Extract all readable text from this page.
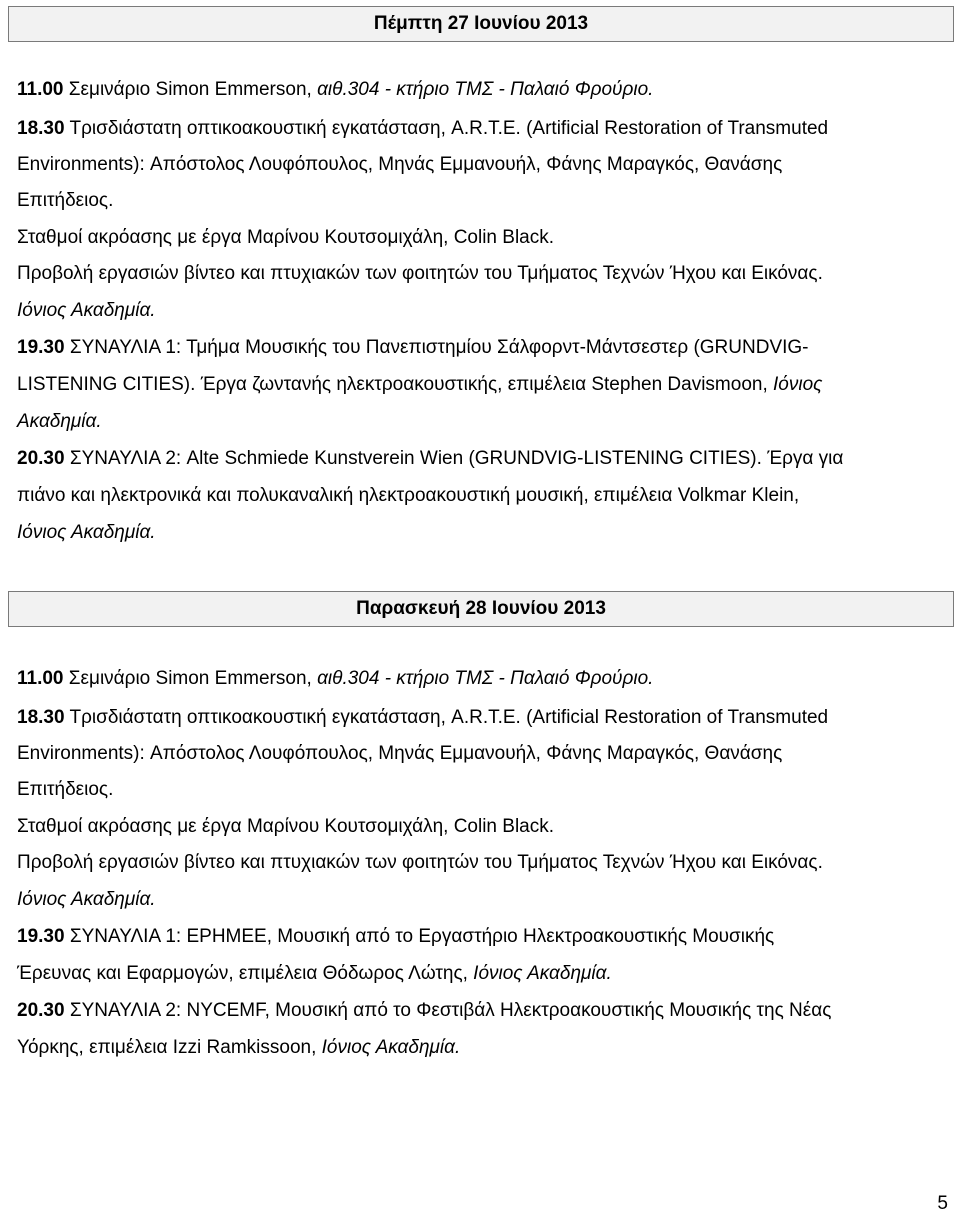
Πέμπτη 27 Ιουνίου 2013
11.00 Σεμινάριο Simon Emmerson, αιθ.304 - κτήριο ΤΜΣ - Παλαιό Φρούριο.
18.30 Τρισδιάστατη οπτικοακουστική εγκατάσταση, A.R.T.E. (Artificial Restoration of Transmuted
Environments): Απόστολος Λουφόπουλος, Μηνάς Εμμανουήλ, Φάνης Μαραγκός, Θανάσης
Επιτήδειος.
Σταθμοί ακρόασης με έργα Μαρίνου Κουτσομιχάλη, Colin Black.
Προβολή εργασιών βίντεο και πτυχιακών των φοιτητών του Τμήματος Τεχνών Ήχου και Εικόνας.
Ιόνιος Ακαδημία.
19.30 ΣΥΝΑΥΛΙΑ 1: Τμήμα Μουσικής του Πανεπιστημίου Σάλφορντ-Μάντσεστερ (GRUNDVIG-
LISTENING CITIES). Έργα ζωντανής ηλεκτροακουστικής, επιμέλεια Stephen Davismoon, Ιόνιος
Ακαδημία.
20.30 ΣΥΝΑΥΛΙΑ 2: Alte Schmiede Kunstverein Wien (GRUNDVIG-LISTENING CITIES). Έργα για
πιάνο και ηλεκτρονικά και πολυκαναλική ηλεκτροακουστική μουσική, επιμέλεια Volkmar Klein,
Ιόνιος Ακαδημία.
Παρασκευή 28 Ιουνίου 2013
11.00 Σεμινάριο Simon Emmerson, αιθ.304 - κτήριο ΤΜΣ - Παλαιό Φρούριο.
18.30 Τρισδιάστατη οπτικοακουστική εγκατάσταση, A.R.T.E. (Artificial Restoration of Transmuted
Environments): Απόστολος Λουφόπουλος, Μηνάς Εμμανουήλ, Φάνης Μαραγκός, Θανάσης
Επιτήδειος.
Σταθμοί ακρόασης με έργα Μαρίνου Κουτσομιχάλη, Colin Black.
Προβολή εργασιών βίντεο και πτυχιακών των φοιτητών του Τμήματος Τεχνών Ήχου και Εικόνας.
Ιόνιος Ακαδημία.
19.30 ΣΥΝΑΥΛΙΑ 1: ΕΡΗΜΕΕ, Μουσική από το Εργαστήριο Ηλεκτροακουστικής Μουσικής
Έρευνας και Εφαρμογών, επιμέλεια Θόδωρος Λώτης, Ιόνιος Ακαδημία.
20.30 ΣΥΝΑΥΛΙΑ 2: NYCEMF, Μουσική από το Φεστιβάλ Ηλεκτροακουστικής Μουσικής της Νέας
Υόρκης, επιμέλεια Izzi Ramkissoon, Ιόνιος Ακαδημία.
5
